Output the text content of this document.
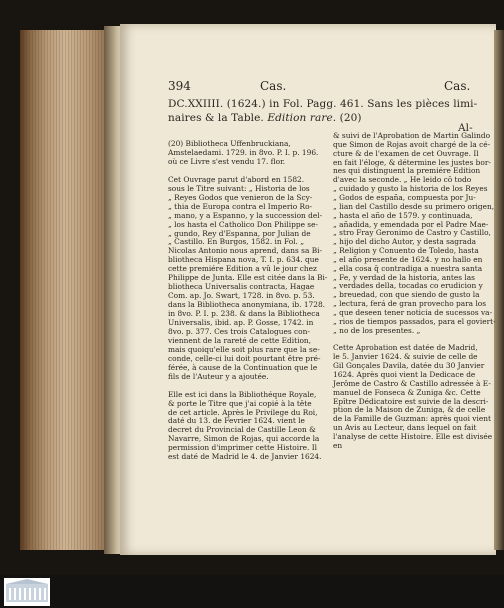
394	Cas.	Cas.
DC.XXIIII. (1624.) in Fol. Pagg. 461. Sans les pièces limi-
naires & la Table. Edition rare. (20)
Al-
(20) Bibliotheca Uffenbruckiana,
Amstelaedami. 1729. in 8vo. P. I. p. 196.
où ce Livre s'est vendu 17. flor.
Cet Ouvrage parut d'abord en 1582.
sous le Titre suivant: „ Historia de los
„ Reyes Godos que venieron de la Scy-
„ thia de Europa contra el Imperio Ro-
„ mano, y a Espanno, y la succession del-
„ los hasta el Catholico Don Philippe se-
„ gundo, Rey d'Espanna, por Julian de
„ Castillo. En Burgos, 1582. in Fol. „
Nicolas Antonio nous aprend, dans sa Bi-
bliotheca Hispana nova, T. I. p. 634. que
cette premiére Edition a vû le jour chez
Philippe de Junta. Elle est citée dans la Bi-
bliotheca Universalis contracta, Hagae
Com. ap. Jo. Swart, 1728. in 8vo. p. 53.
dans la Bibliotheca anonymiana, ib. 1728.
in 8vo. P. I. p. 238. & dans la Bibliotheca
Universalis, ibid. ap. P. Gosse, 1742. in
8vo. p. 377. Ces trois Catalogues con-
viennent de la rareté de cette Edition,
mais quoiqu'elle soit plus rare que la se-
conde, celle-ci lui doit pourtant être pré-
férée, à cause de la Continuation que le
fils de l'Auteur y a ajoutée.
Elle est ici dans la Bibliothéque Royale,
& porte le Titre que j'ai copié à la tête
de cet article. Après le Privilege du Roi,
daté du 13. de Fevrier 1624. vient le
decret du Provincial de Castille Leon &
Navarre, Simon de Rojas, qui accorde la
permission d'imprimer cette Histoire. Il
est daté de Madrid le 4. de Janvier 1624.
& suivi de l'Aprobation de Martin Galindo
que Simon de Rojas avoit chargé de la cé-
cture & de l'examen de cet Ouvrage. Il
en fait l'éloge, & détermine les justes bor-
nes qui distinguent la premiére Edition
d'avec la seconde. „ He leido cō todo
„ cuidado y gusto la historia de los Reyes
„ Godos de españa, compuesta por Ju-
„ lian del Castillo desde su primero origen,
„ hasta el año de 1579. y continuada,
„ añadida, y emendada por el Padre Mae-
„ stro Fray Geronimo de Castro y Castillo,
„ hijo del dicho Autor, y desta sagrada
„ Religion y Conuento de Toledo, hasta
„ el año presente de 1624. y no hallo en
„ ella cosa q̄ contradiga a nuestra santa
„ Fe, y verdad de la historia, antes las
„ verdades della, tocadas co erudicion y
„ breuedad, con que siendo de gusto la
„ lectura, ferá de gran provecho para los
„ que deseen tener noticia de sucessos va-
„ rios de tiempos passados, para el goviert-
„ no de los presentes. „
Cette Aprobation est datée de Madrid,
le 5. Janvier 1624. & suivie de celle de
Gil Gonçales Davila, datée du 30 Janvier
1624. Après quoi vient la Dedicace de
Jerôme de Castro & Castillo adressée à E-
manuel de Fonseca & Zuniga &c. Cette
Epître Dédicatoire est suivie de la descri-
ption de la Maison de Zuniga, & de celle
de la Famille de Guzman: après quoi vient
un Avis au Lecteur, dans lequel on fait
l'analyse de cette Histoire. Elle est divisée
en
